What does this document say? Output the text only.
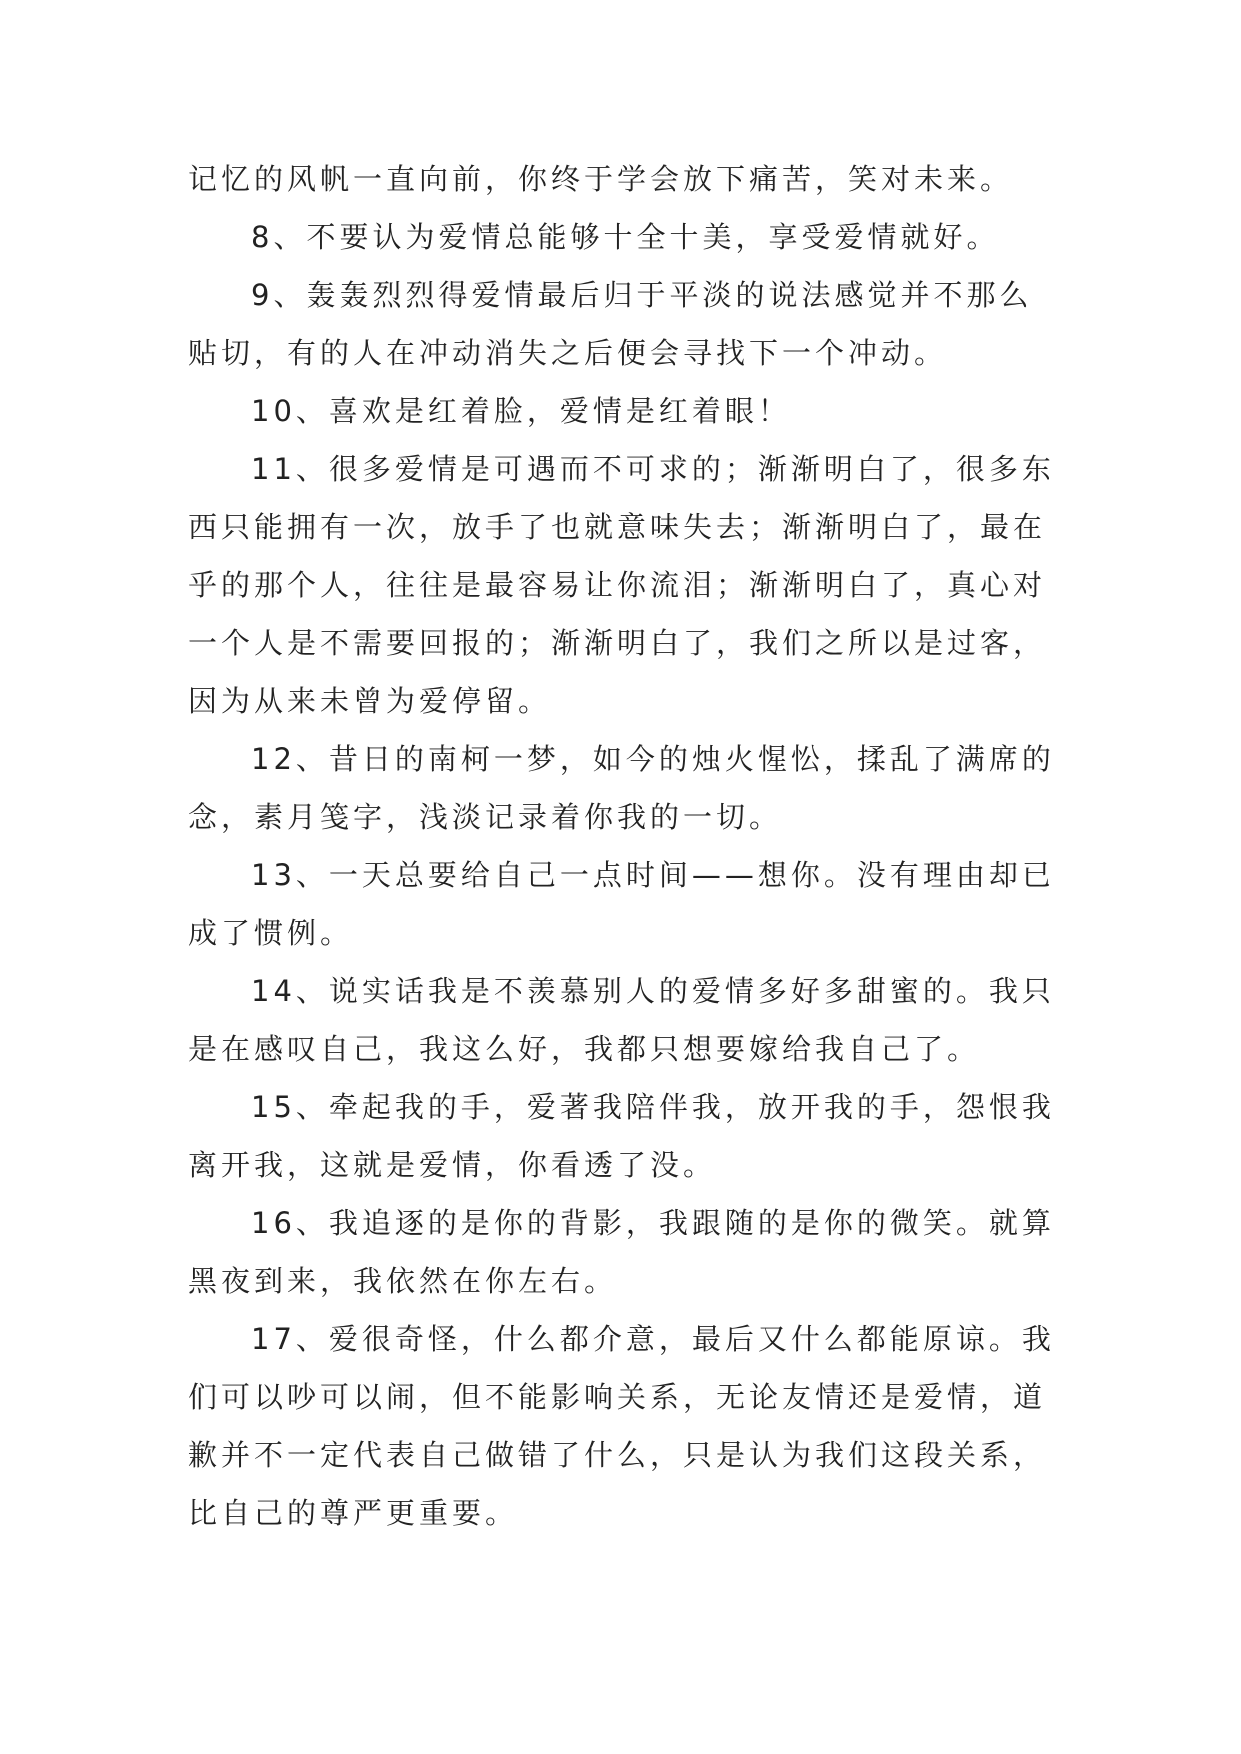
记忆的风帆一直向前，你终于学会放下痛苦，笑对未来。
8、不要认为爱情总能够十全十美，享受爱情就好。
9、轰轰烈烈得爱情最后归于平淡的说法感觉并不那么
贴切，有的人在冲动消失之后便会寻找下一个冲动。
10、喜欢是红着脸，爱情是红着眼！
11、很多爱情是可遇而不可求的；渐渐明白了，很多东
西只能拥有一次，放手了也就意味失去；渐渐明白了，最在
乎的那个人，往往是最容易让你流泪；渐渐明白了，真心对
一个人是不需要回报的；渐渐明白了，我们之所以是过客，
因为从来未曾为爱停留。
12、昔日的南柯一梦，如今的烛火惺忪，揉乱了满席的
念，素月笺字，浅淡记录着你我的一切。
13、一天总要给自己一点时间——想你。没有理由却已
成了惯例。
14、说实话我是不羡慕别人的爱情多好多甜蜜的。我只
是在感叹自己，我这么好，我都只想要嫁给我自己了。
15、牵起我的手，爱著我陪伴我，放开我的手，怨恨我
离开我，这就是爱情，你看透了没。
16、我追逐的是你的背影，我跟随的是你的微笑。就算
黑夜到来，我依然在你左右。
17、爱很奇怪，什么都介意，最后又什么都能原谅。我
们可以吵可以闹，但不能影响关系，无论友情还是爱情，道
歉并不一定代表自己做错了什么，只是认为我们这段关系，
比自己的尊严更重要。
